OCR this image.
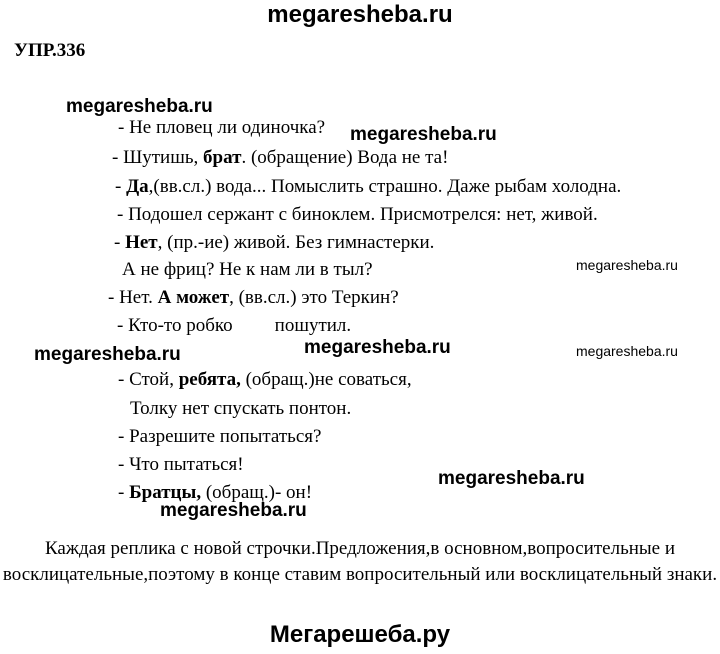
megaresheba.ru
УПР.336
megaresheba.ru
megaresheba.ru
megaresheba.ru
megaresheba.ru	megaresheba.ru	megaresheba.ru
megaresheba.ru
megaresheba.ru
- Не пловец ли одиночка?
- Шутишь, брат. (обращение) Вода не та!
- Да,(вв.сл.) вода... Помыслить страшно. Даже рыбам холодна.
- Подошел сержант с биноклем. Присмотрелся: нет, живой.
- Нет, (пр.-ие) живой. Без гимнастерки.
А не фриц? Не к нам ли в тыл?
- Нет. А может, (вв.сл.) это Теркин?
- Кто-то робко пошутил.
- Стой, ребята, (обращ.)не соваться,
Толку нет спускать понтон.
- Разрешите попытаться?
- Что пытаться!
- Братцы, (обращ.)- он!
Каждая реплика с новой строчки.Предложения,в основном,вопросительные и восклицательные,поэтому в конце ставим вопросительный или восклицательный знаки.
Мегарешеба.ру
